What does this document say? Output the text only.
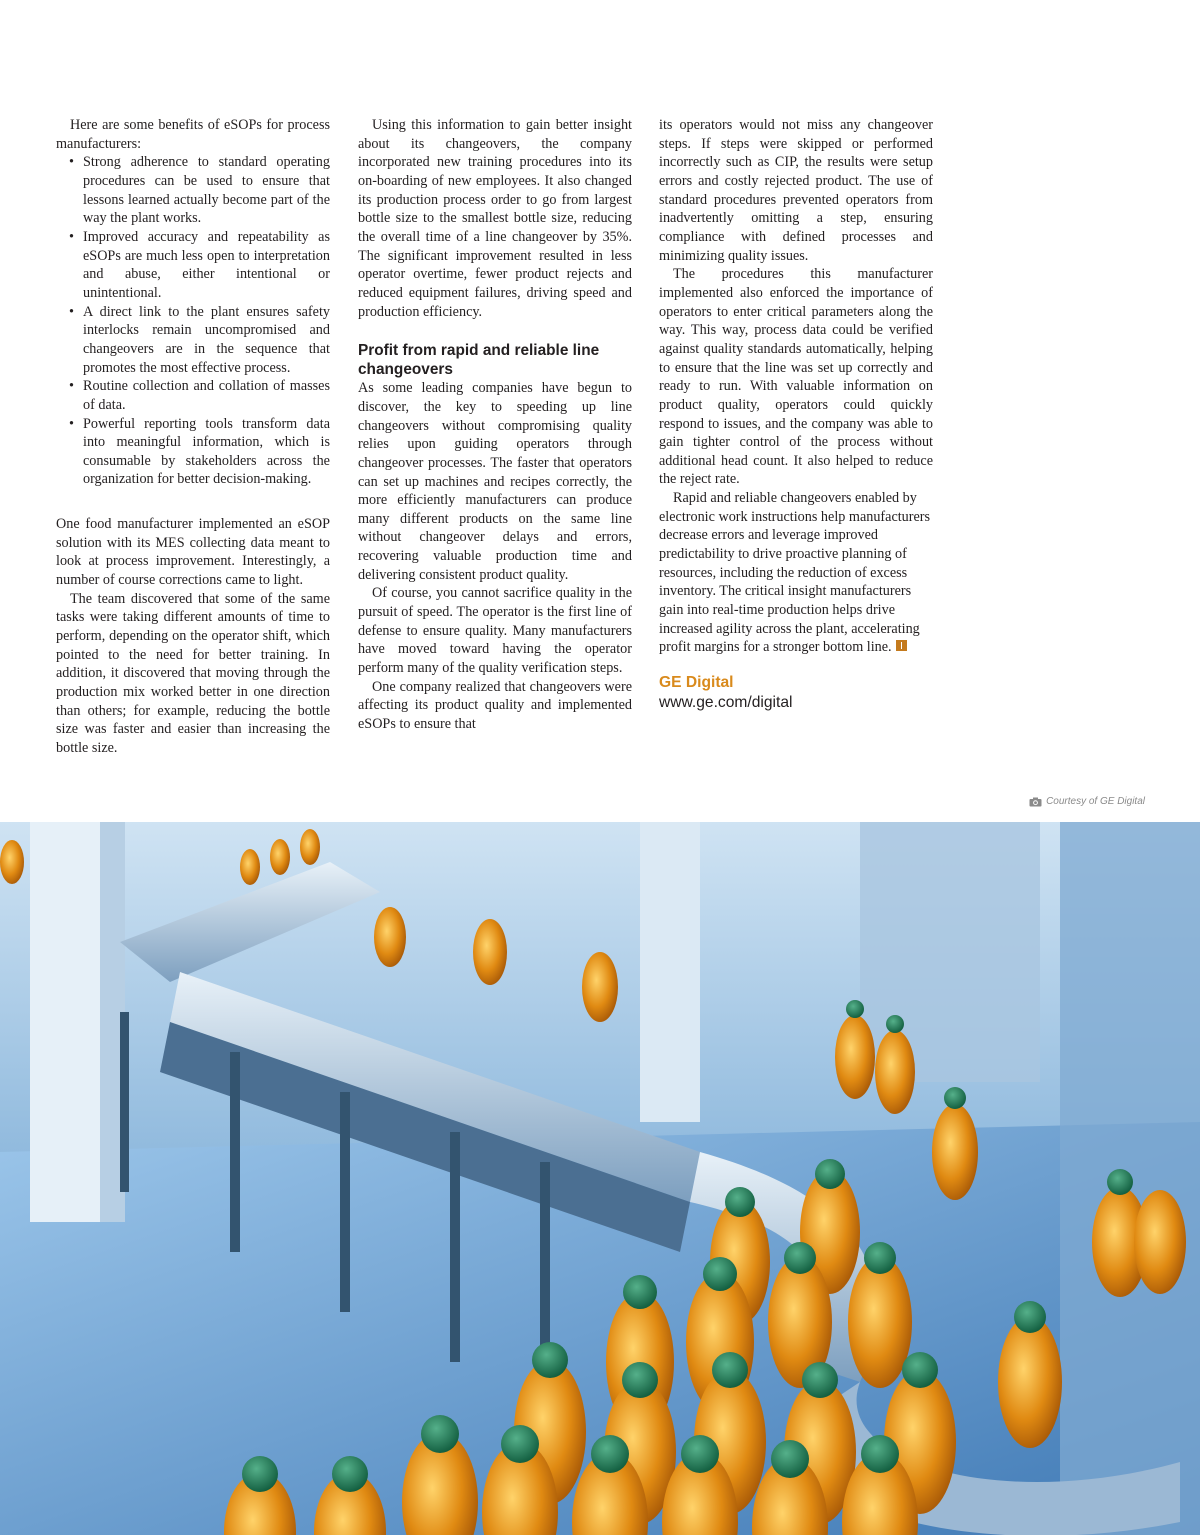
Here are some benefits of eSOPs for process manufacturers:

• Strong adherence to standard operating procedures can be used to ensure that lessons learned actually become part of the way the plant works.
• Improved accuracy and repeatability as eSOPs are much less open to interpretation and abuse, either intentional or unintentional.
• A direct link to the plant ensures safety interlocks remain uncompromised and changeovers are in the sequence that promotes the most effective process.
• Routine collection and collation of masses of data.
• Powerful reporting tools transform data into meaningful information, which is consumable by stakeholders across the organization for better decision-making.

One food manufacturer implemented an eSOP solution with its MES collecting data meant to look at process improvement. Interestingly, a number of course corrections came to light.

The team discovered that some of the same tasks were taking different amounts of time to perform, depending on the operator shift, which pointed to the need for better training. In addition, it discovered that moving through the production mix worked better in one direction than others; for example, reducing the bottle size was faster and easier than increasing the bottle size.

Using this information to gain better insight about its changeovers, the company incorporated new training procedures into its on-boarding of new employees. It also changed its production process order to go from largest bottle size to the smallest bottle size, reducing the overall time of a line changeover by 35%. The significant improvement resulted in less operator overtime, fewer product rejects and reduced equipment failures, driving speed and production efficiency.

Profit from rapid and reliable line changeovers

As some leading companies have begun to discover, the key to speeding up line changeovers without compromising quality relies upon guiding operators through changeover processes. The faster that operators can set up machines and recipes correctly, the more efficiently manufacturers can produce many different products on the same line without changeover delays and errors, recovering valuable production time and delivering consistent product quality.

Of course, you cannot sacrifice quality in the pursuit of speed. The operator is the first line of defense to ensure quality. Many manufacturers have moved toward having the operator perform many of the quality verification steps.

One company realized that changeovers were affecting its product quality and implemented eSOPs to ensure that

its operators would not miss any changeover steps. If steps were skipped or performed incorrectly such as CIP, the results were setup errors and costly rejected product. The use of standard procedures prevented operators from inadvertently omitting a step, ensuring compliance with defined processes and minimizing quality issues.

The procedures this manufacturer implemented also enforced the importance of operators to enter critical parameters along the way. This way, process data could be verified against quality standards automatically, helping to ensure that the line was set up correctly and ready to run. With valuable information on product quality, operators could quickly respond to issues, and the company was able to gain tighter control of the process without additional head count. It also helped to reduce the reject rate.

Rapid and reliable changeovers enabled by electronic work instructions help manufacturers decrease errors and leverage improved predictability to drive proactive planning of resources, including the reduction of excess inventory. The critical insight manufacturers gain into real-time production helps drive increased agility across the plant, accelerating profit margins for a stronger bottom line.

GE Digital
www.ge.com/digital
Courtesy of GE Digital
